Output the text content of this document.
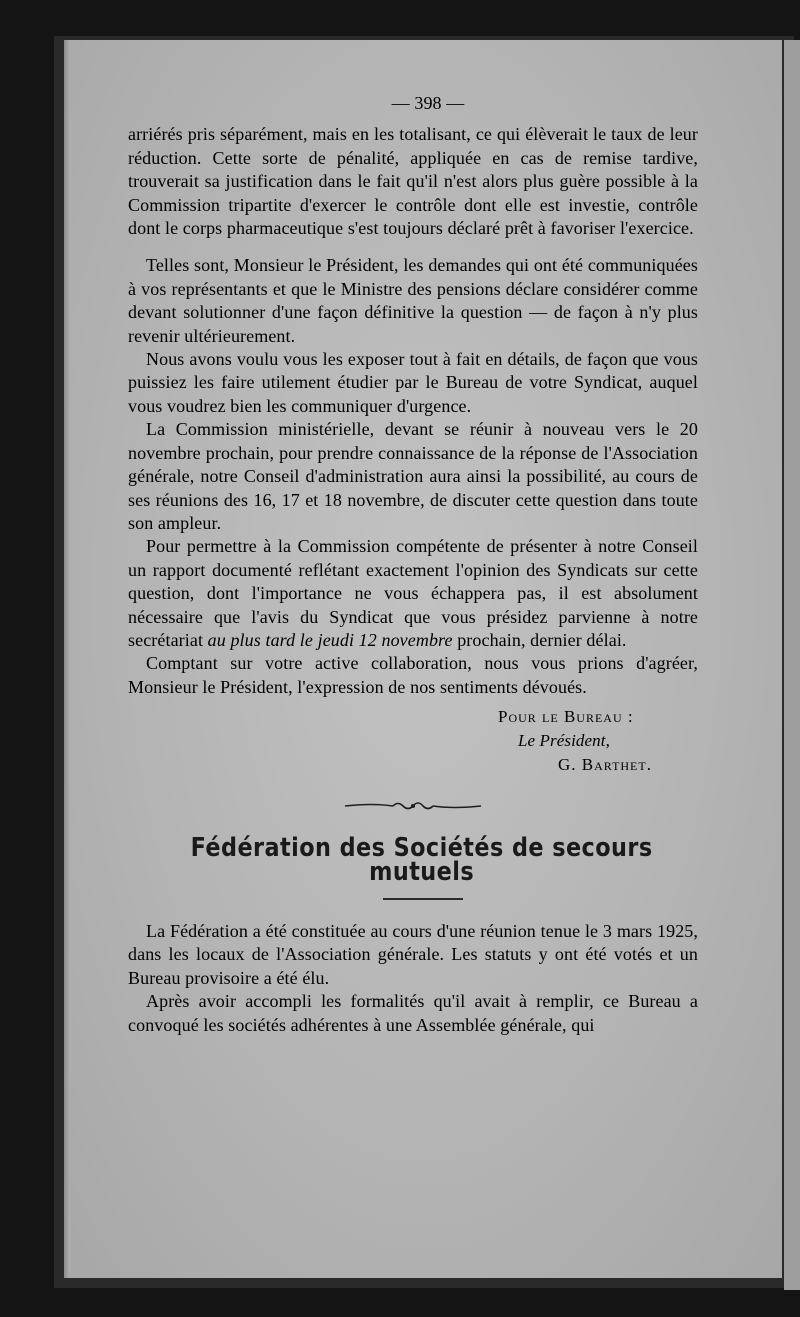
— 398 —

arriérés pris séparément, mais en les totalisant, ce qui élèverait le taux de leur réduction. Cette sorte de pénalité, appliquée en cas de remise tardive, trouverait sa justification dans le fait qu'il n'est alors plus guère possible à la Commission tripartite d'exercer le contrôle dont elle est investie, contrôle dont le corps pharmaceutique s'est toujours déclaré prêt à favoriser l'exercice.

Telles sont, Monsieur le Président, les demandes qui ont été communiquées à vos représentants et que le Ministre des pensions déclare considérer comme devant solutionner d'une façon définitive la question — de façon à n'y plus revenir ultérieurement.

Nous avons voulu vous les exposer tout à fait en détails, de façon que vous puissiez les faire utilement étudier par le Bureau de votre Syndicat, auquel vous voudrez bien les communiquer d'urgence.

La Commission ministérielle, devant se réunir à nouveau vers le 20 novembre prochain, pour prendre connaissance de la réponse de l'Association générale, notre Conseil d'administration aura ainsi la possibilité, au cours de ses réunions des 16, 17 et 18 novembre, de discuter cette question dans toute son ampleur.

Pour permettre à la Commission compétente de présenter à notre Conseil un rapport documenté reflétant exactement l'opinion des Syndicats sur cette question, dont l'importance ne vous échappera pas, il est absolument nécessaire que l'avis du Syndicat que vous présidez parvienne à notre secrétariat au plus tard le jeudi 12 novembre prochain, dernier délai.

Comptant sur votre active collaboration, nous vous prions d'agréer, Monsieur le Président, l'expression de nos sentiments dévoués.

Pour le Bureau :
Le Président,
G. Barthet.
Fédération des Sociétés de secours mutuels

La Fédération a été constituée au cours d'une réunion tenue le 3 mars 1925, dans les locaux de l'Association générale. Les statuts y ont été votés et un Bureau provisoire a été élu.

Après avoir accompli les formalités qu'il avait à remplir, ce Bureau a convoqué les sociétés adhérentes à une Assemblée générale, qui
